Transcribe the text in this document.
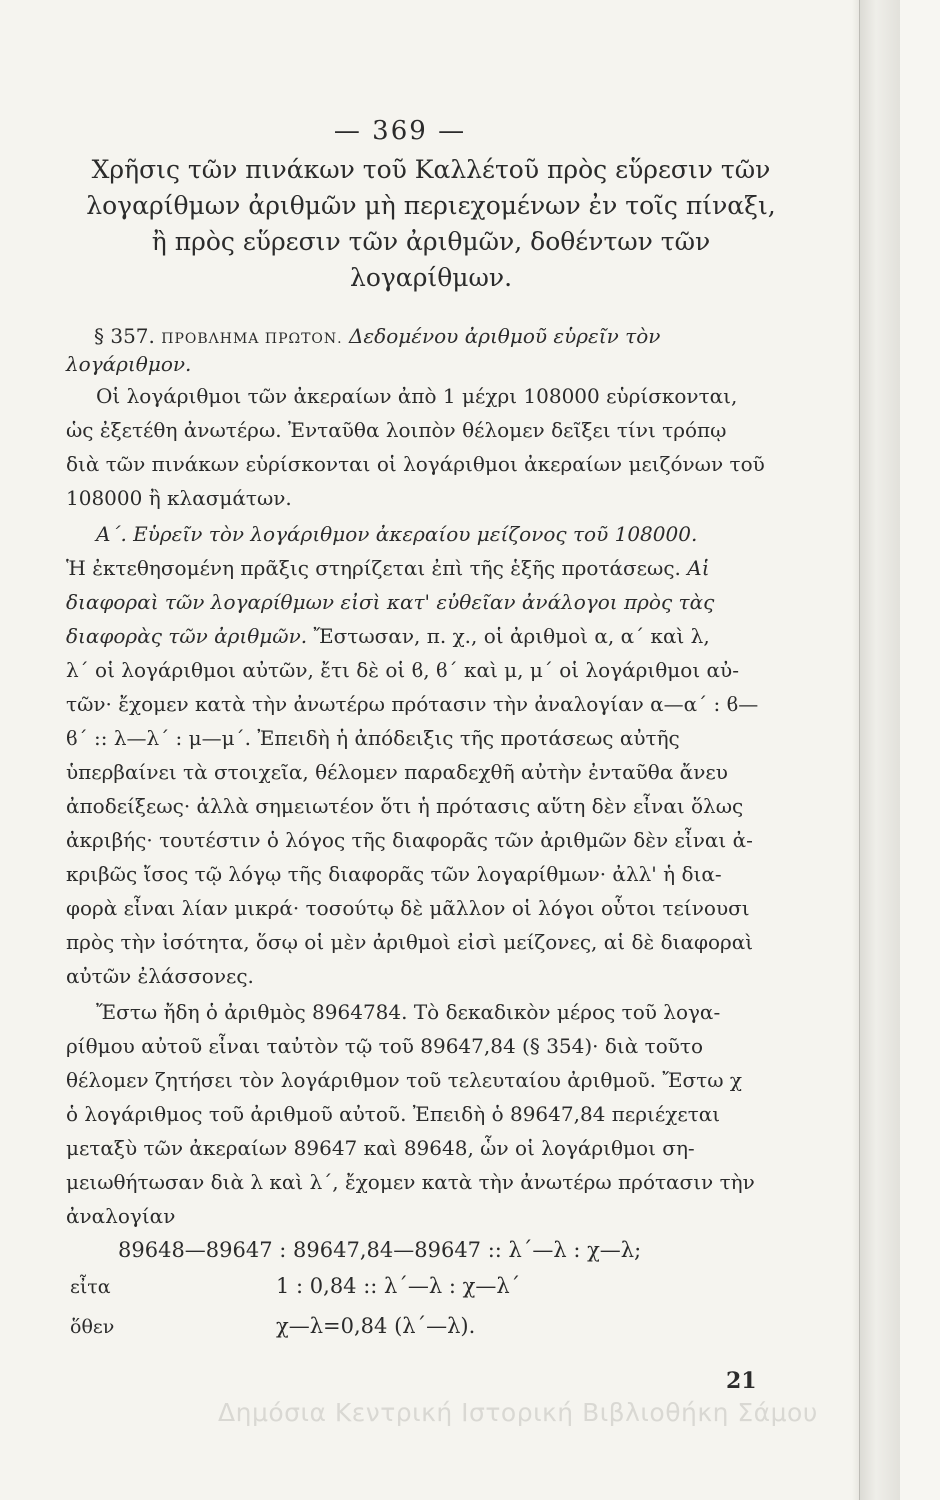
— 369 —
Χρῆσις τῶν πινάκων τοῦ Καλλέτοῦ πρὸς εὕρεσιν τῶν
λογαρίθμων ἀριθμῶν μὴ περιεχομένων ἐν τοῖς πίναξι,
ἢ πρὸς εὕρεσιν τῶν ἀριθμῶν, δοθέντων τῶν
λογαρίθμων.
§ 357. ΠΡΟΒΛΗΜΑ ΠΡΩΤΟΝ. Δεδομένου ἀριθμοῦ εὑρεῖν τὸν
λογάριθμον.
Οἱ λογάριθμοι τῶν ἀκεραίων ἀπὸ 1 μέχρι 108000 εὑρίσκονται,
ὡς ἐξετέθη ἀνωτέρω. Ἐνταῦθα λοιπὸν θέλομεν δεῖξει τίνι τρόπῳ
διὰ τῶν πινάκων εὑρίσκονται οἱ λογάριθμοι ἀκεραίων μειζόνων τοῦ
108000 ἢ κλασμάτων.
Α΄. Εὑρεῖν τὸν λογάριθμον ἀκεραίου μείζονος τοῦ 108000.
Ἡ ἐκτεθησομένη πρᾶξις στηρίζεται ἐπὶ τῆς ἑξῆς προτάσεως. Αἱ
διαφοραὶ τῶν λογαρίθμων εἰσὶ κατ' εὐθεῖαν ἀνάλογοι πρὸς τὰς
διαφορὰς τῶν ἀριθμῶν. Ἔστωσαν, π. χ., οἱ ἀριθμοὶ α, α΄ καὶ λ,
λ΄ οἱ λογάριθμοι αὐτῶν, ἔτι δὲ οἱ ϐ, ϐ΄ καὶ μ, μ΄ οἱ λογάριθμοι αὐ-
τῶν· ἔχομεν κατὰ τὴν ἀνωτέρω πρότασιν τὴν ἀναλογίαν α—α΄ : ϐ—
ϐ΄ :: λ—λ΄ : μ—μ΄. Ἐπειδὴ ἡ ἀπόδειξις τῆς προτάσεως αὐτῆς
ὑπερβαίνει τὰ στοιχεῖα, θέλομεν παραδεχθῆ αὐτὴν ἐνταῦθα ἄνευ
ἀποδείξεως· ἀλλὰ σημειωτέον ὅτι ἡ πρότασις αὕτη δὲν εἶναι ὅλως
ἀκριβής· τουτέστιν ὁ λόγος τῆς διαφορᾶς τῶν ἀριθμῶν δὲν εἶναι ἀ-
κριβῶς ἴσος τῷ λόγῳ τῆς διαφορᾶς τῶν λογαρίθμων· ἀλλ' ἡ δια-
φορὰ εἶναι λίαν μικρά· τοσούτῳ δὲ μᾶλλον οἱ λόγοι οὗτοι τείνουσι
πρὸς τὴν ἰσότητα, ὅσῳ οἱ μὲν ἀριθμοὶ εἰσὶ μείζονες, αἱ δὲ διαφοραὶ
αὐτῶν ἐλάσσονες.
Ἔστω ἤδη ὁ ἀριθμὸς 8964784. Τὸ δεκαδικὸν μέρος τοῦ λογα-
ρίθμου αὐτοῦ εἶναι ταὐτὸν τῷ τοῦ 89647,84 (§ 354)· διὰ τοῦτο
θέλομεν ζητήσει τὸν λογάριθμον τοῦ τελευταίου ἀριθμοῦ. Ἔστω χ
ὁ λογάριθμος τοῦ ἀριθμοῦ αὐτοῦ. Ἐπειδὴ ὁ 89647,84 περιέχεται
μεταξὺ τῶν ἀκεραίων 89647 καὶ 89648, ὧν οἱ λογάριθμοι ση-
μειωθήτωσαν διὰ λ καὶ λ΄, ἔχομεν κατὰ τὴν ἀνωτέρω πρότασιν τὴν
ἀναλογίαν
89648—89647 : 89647,84—89647 :: λ΄—λ : χ—λ;
εἶτα	1 : 0,84 :: λ΄—λ : χ—λ΄
ὅθεν	χ—λ=0,84 (λ΄—λ).
21
Δημόσια Κεντρική Ιστορική Βιβλιοθήκη Σάμου
